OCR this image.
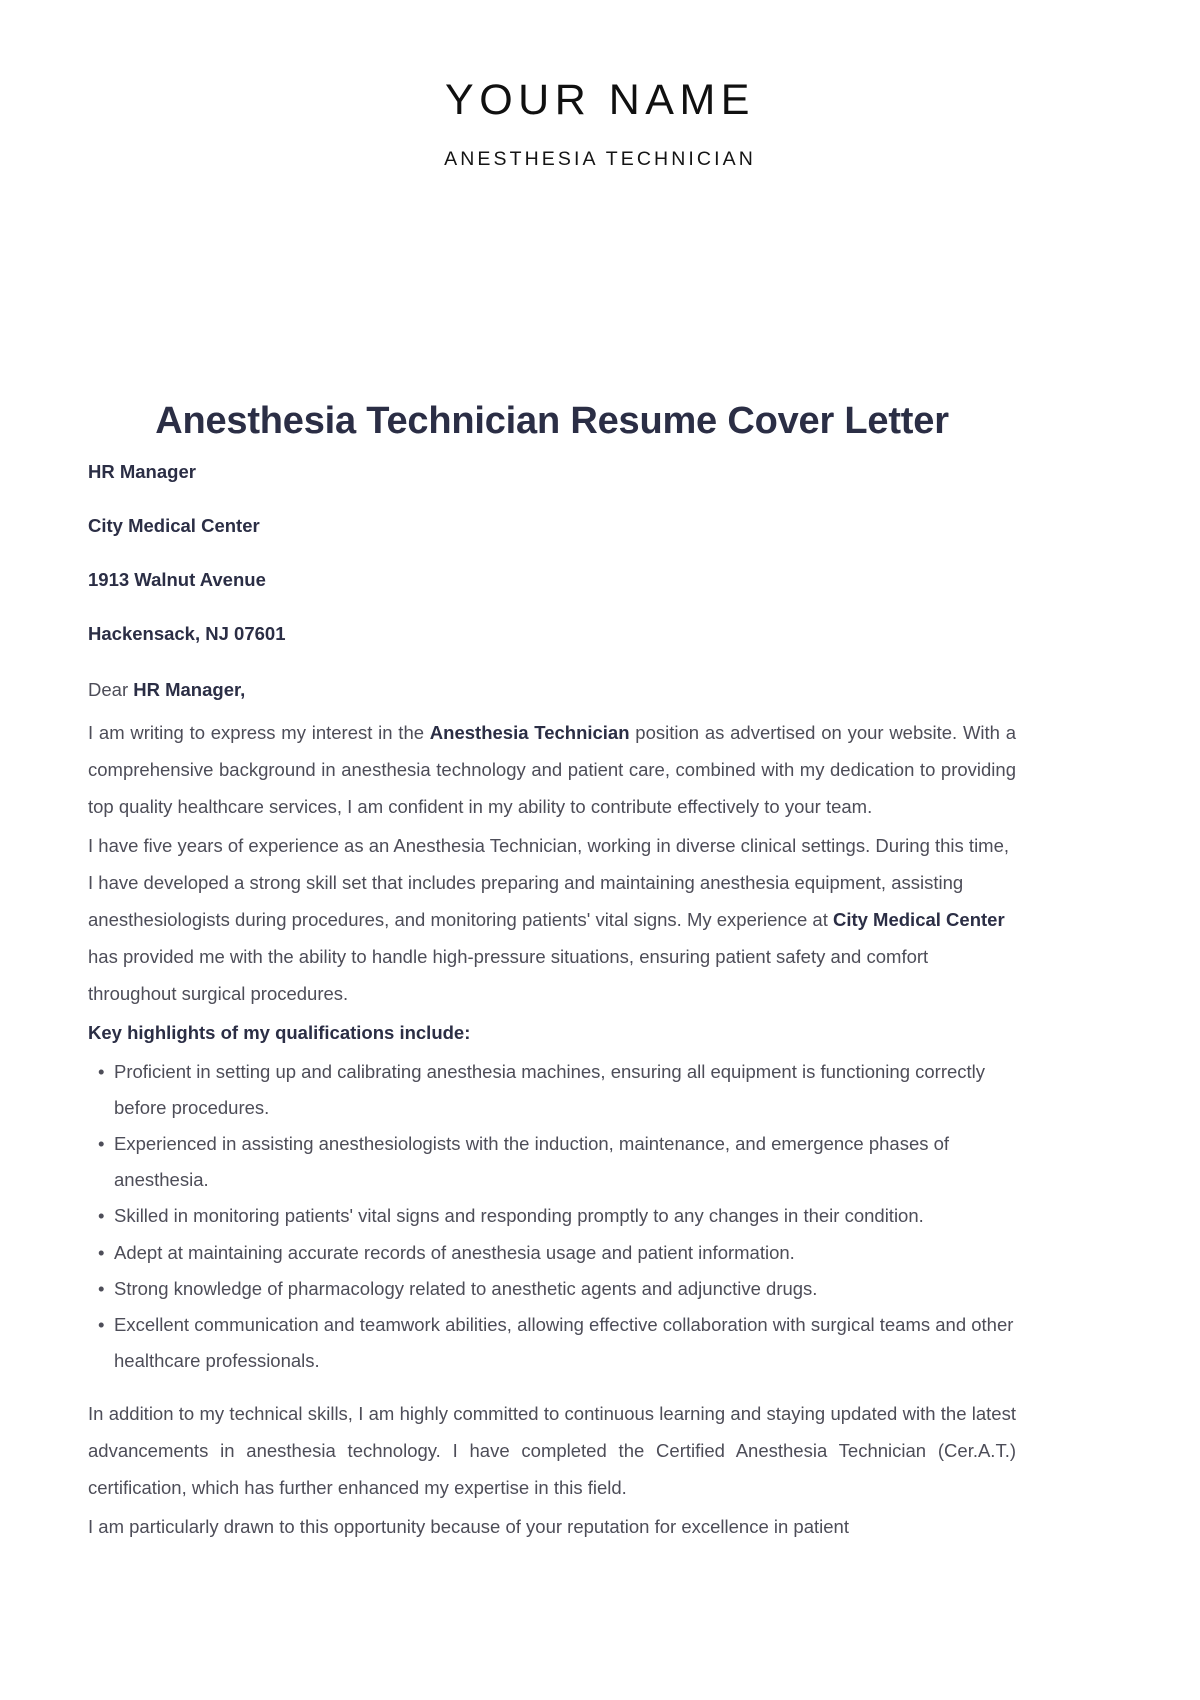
YOUR NAME
ANESTHESIA TECHNICIAN
Anesthesia Technician Resume Cover Letter
HR Manager
City Medical Center
1913 Walnut Avenue
Hackensack, NJ 07601

Dear HR Manager,

I am writing to express my interest in the Anesthesia Technician position as advertised on your website. With a comprehensive background in anesthesia technology and patient care, combined with my dedication to providing top quality healthcare services, I am confident in my ability to contribute effectively to your team.

I have five years of experience as an Anesthesia Technician, working in diverse clinical settings. During this time, I have developed a strong skill set that includes preparing and maintaining anesthesia equipment, assisting anesthesiologists during procedures, and monitoring patients' vital signs. My experience at City Medical Center has provided me with the ability to handle high-pressure situations, ensuring patient safety and comfort throughout surgical procedures.

Key highlights of my qualifications include:

• Proficient in setting up and calibrating anesthesia machines, ensuring all equipment is functioning correctly before procedures.
• Experienced in assisting anesthesiologists with the induction, maintenance, and emergence phases of anesthesia.
• Skilled in monitoring patients' vital signs and responding promptly to any changes in their condition.
• Adept at maintaining accurate records of anesthesia usage and patient information.
• Strong knowledge of pharmacology related to anesthetic agents and adjunctive drugs.
• Excellent communication and teamwork abilities, allowing effective collaboration with surgical teams and other healthcare professionals.

In addition to my technical skills, I am highly committed to continuous learning and staying updated with the latest advancements in anesthesia technology. I have completed the Certified Anesthesia Technician (Cer.A.T.) certification, which has further enhanced my expertise in this field.

I am particularly drawn to this opportunity because of your reputation for excellence in patient
